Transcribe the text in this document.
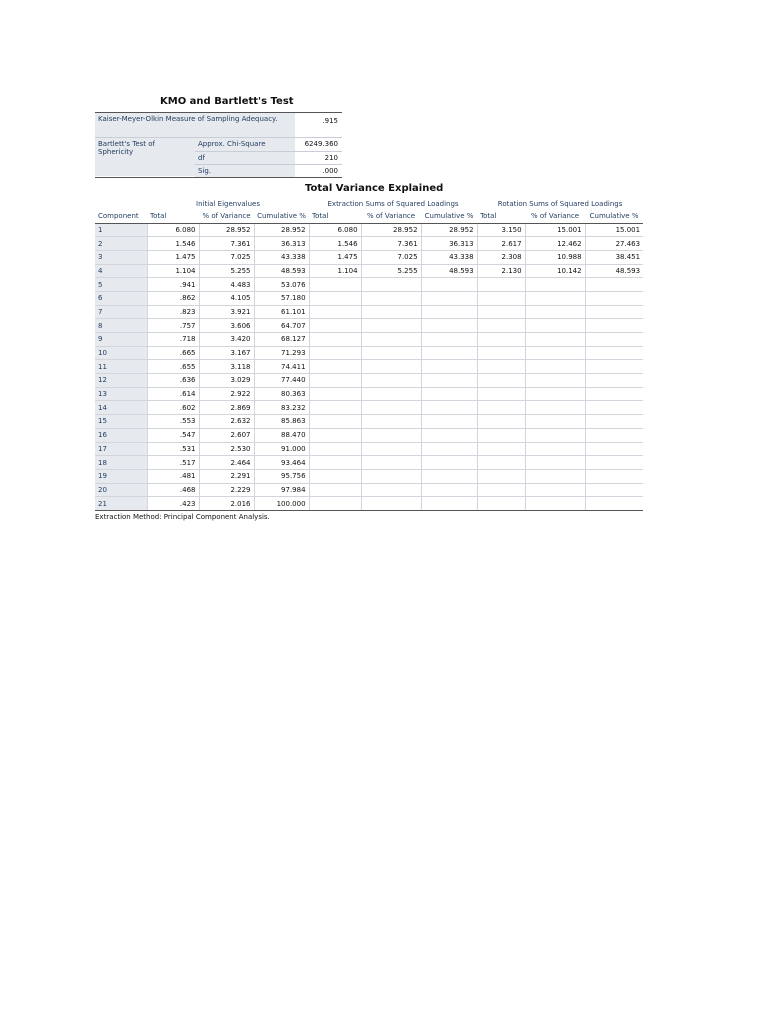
KMO and Bartlett's Test
Kaiser-Meyer-Olkin Measure of Sampling Adequacy.	.915
Bartlett's Test of Sphericity
Approx. Chi-Square	6249.360
df	210
Sig.	.000
Total Variance Explained
	Initial Eigenvalues			Extraction Sums of Squared Loadings			Rotation Sums of Squared Loadings		
Component	Total	% of Variance	Cumulative %	Total	% of Variance	Cumulative %	Total	% of Variance	Cumulative %
1	6.080	28.952	28.952	6.080	28.952	28.952	3.150	15.001	15.001
2	1.546	7.361	36.313	1.546	7.361	36.313	2.617	12.462	27.463
3	1.475	7.025	43.338	1.475	7.025	43.338	2.308	10.988	38.451
4	1.104	5.255	48.593	1.104	5.255	48.593	2.130	10.142	48.593
5	.941	4.483	53.076						
6	.862	4.105	57.180						
7	.823	3.921	61.101						
8	.757	3.606	64.707						
9	.718	3.420	68.127						
10	.665	3.167	71.293						
11	.655	3.118	74.411						
12	.636	3.029	77.440						
13	.614	2.922	80.363						
14	.602	2.869	83.232						
15	.553	2.632	85.863						
16	.547	2.607	88.470						
17	.531	2.530	91.000						
18	.517	2.464	93.464						
19	.481	2.291	95.756						
20	.468	2.229	97.984						
21	.423	2.016	100.000						
Extraction Method: Principal Component Analysis.
